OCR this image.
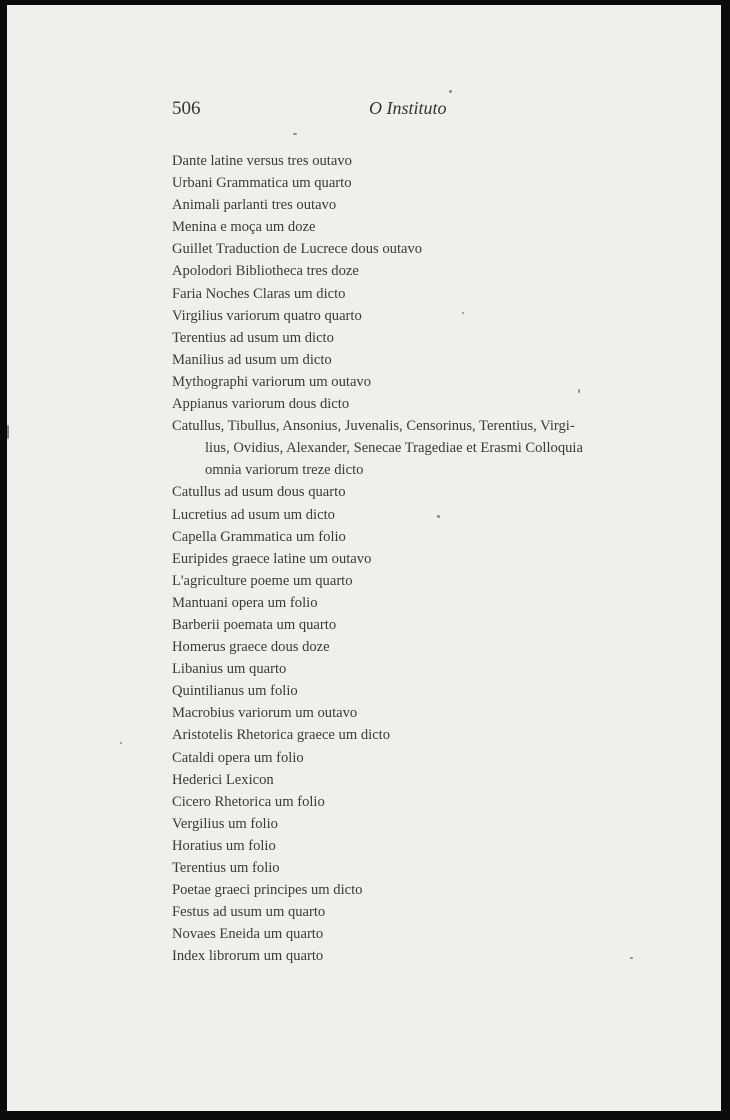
506	O Instituto
Dante latine versus tres outavo
Urbani Grammatica um quarto
Animali parlanti tres outavo
Menina e moça um doze
Guillet Traduction de Lucrece dous outavo
Apolodori Bibliotheca tres doze
Faria Noches Claras um dicto
Virgilius variorum quatro quarto
Terentius ad usum um dicto
Manilius ad usum um dicto
Mythographi variorum um outavo
Appianus variorum dous dicto
Catullus, Tibullus, Ansonius, Juvenalis, Censorinus, Terentius, Virgi-
lius, Ovidius, Alexander, Senecae Tragediae et Erasmi Colloquia
omnia variorum treze dicto
Catullus ad usum dous quarto
Lucretius ad usum um dicto
Capella Grammatica um folio
Euripides graece latine um outavo
L'agriculture poeme um quarto
Mantuani opera um folio
Barberii poemata um quarto
Homerus graece dous doze
Libanius um quarto
Quintilianus um folio
Macrobius variorum um outavo
Aristotelis Rhetorica graece um dicto
Cataldi opera um folio
Hederici Lexicon
Cicero Rhetorica um folio
Vergilius um folio
Horatius um folio
Terentius um folio
Poetae graeci principes um dicto
Festus ad usum um quarto
Novaes Eneida um quarto
Index librorum um quarto
